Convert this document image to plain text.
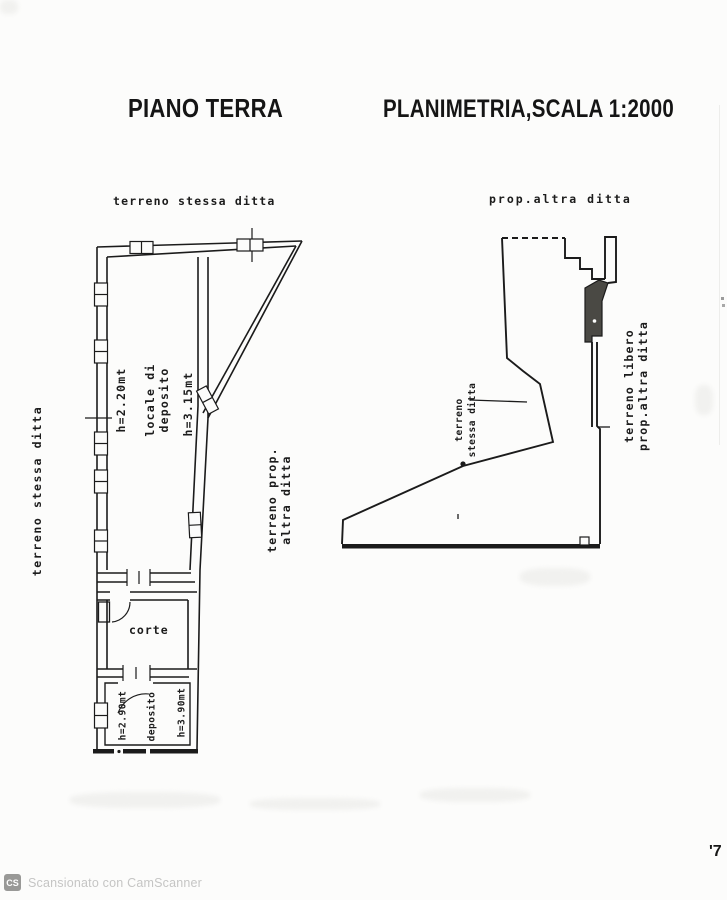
PIANO TERRA	PLANIMETRIA,SCALA 1:2000
terreno stessa ditta
terreno stessa ditta	terreno prop. altra ditta
h=2.20mt locale di deposito h=3.15mt
corte
h=2.90mt deposito h=3.90mt
prop.altra ditta
terreno stessa ditta	terreno libero prop.altra ditta
CS Scansionato con CamScanner
'7
